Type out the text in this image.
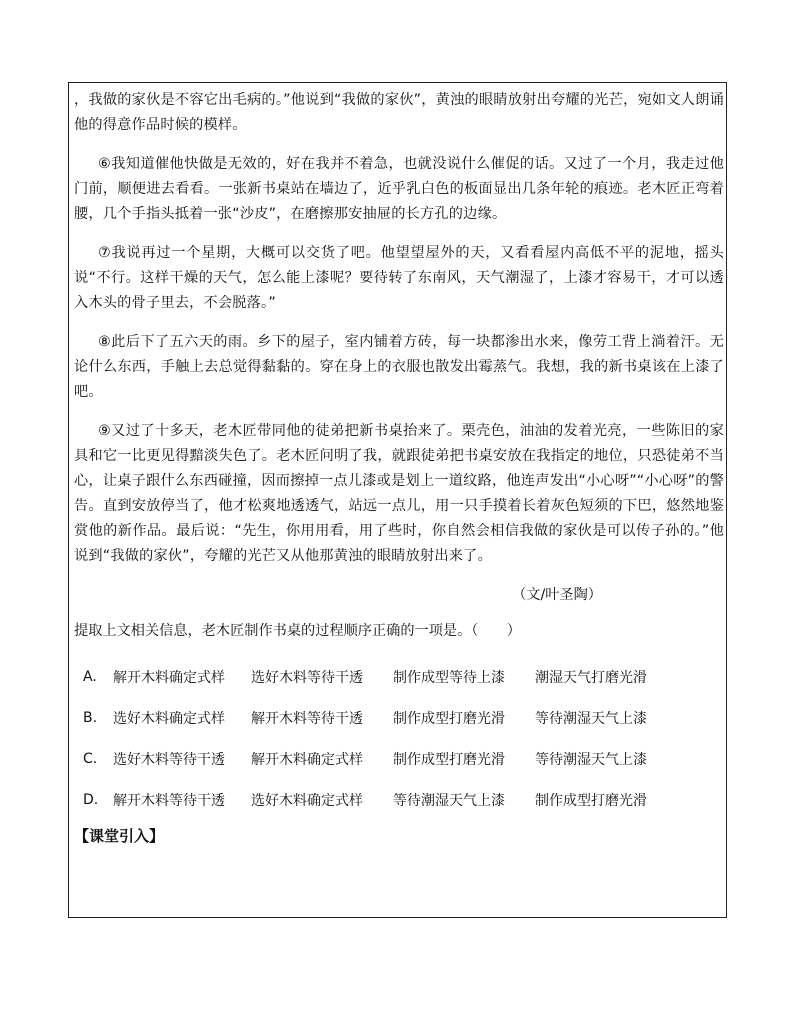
，我做的家伙是不容它出毛病的。”他说到“我做的家伙”，黄浊的眼睛放射出夸耀的光芒，宛如文人朗诵他的得意作品时候的模样。

⑥我知道催他快做是无效的，好在我并不着急，也就没说什么催促的话。又过了一个月，我走过他门前，顺便进去看看。一张新书桌站在墙边了，近乎乳白色的板面显出几条年轮的痕迹。老木匠正弯着腰，几个手指头抵着一张“沙皮”，在磨擦那安抽屉的长方孔的边缘。

⑦我说再过一个星期，大概可以交货了吧。他望望屋外的天，又看看屋内高低不平的泥地，摇头说“不行。这样干燥的天气，怎么能上漆呢？要待转了东南风，天气潮湿了，上漆才容易干，才可以透入木头的骨子里去，不会脱落。”

⑧此后下了五六天的雨。乡下的屋子，室内铺着方砖，每一块都渗出水来，像劳工背上淌着汗。无论什么东西，手触上去总觉得黏黏的。穿在身上的衣服也散发出霉蒸气。我想，我的新书桌该在上漆了吧。

⑨又过了十多天，老木匠带同他的徒弟把新书桌抬来了。栗壳色，油油的发着光亮，一些陈旧的家具和它一比更见得黯淡失色了。老木匠问明了我，就跟徒弟把书桌安放在我指定的地位，只恐徒弟不当心，让桌子跟什么东西碰撞，因而擦掉一点儿漆或是划上一道纹路，他连声发出“小心呀”“小心呀”的警告。直到安放停当了，他才松爽地透透气，站远一点儿，用一只手摸着长着灰色短须的下巴，悠然地鉴赏他的新作品。最后说：“先生，你用用看，用了些时，你自然会相信我做的家伙是可以传子孙的。”他说到“我做的家伙”，夸耀的光芒又从他那黄浊的眼睛放射出来了。

（文/叶圣陶）
提取上文相关信息，老木匠制作书桌的过程顺序正确的一项是。（　　）
A.	解开木料确定式样	选好木料等待干透	制作成型等待上漆	潮湿天气打磨光滑
B.	选好木料确定式样	解开木料等待干透	制作成型打磨光滑	等待潮湿天气上漆
C.	选好木料等待干透	解开木料确定式样	制作成型打磨光滑	等待潮湿天气上漆
D.	解开木料等待干透	选好木料确定式样	等待潮湿天气上漆	制作成型打磨光滑
【课堂引入】
